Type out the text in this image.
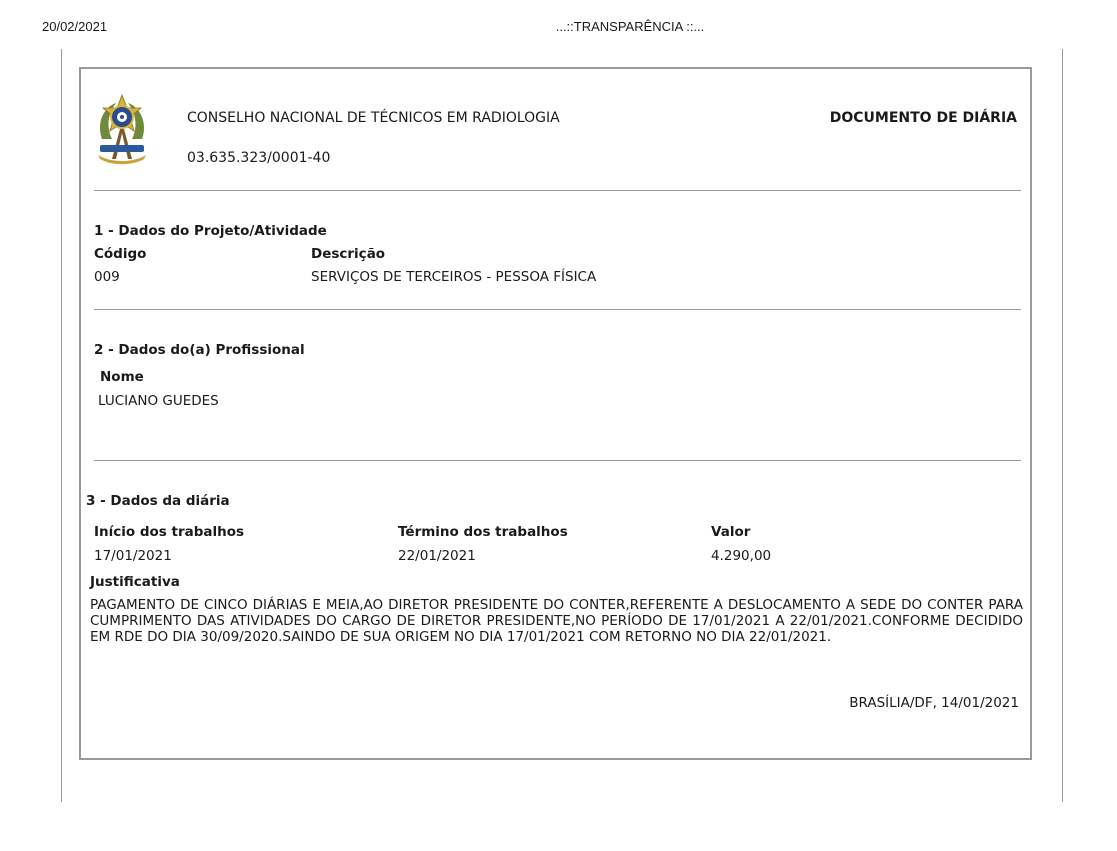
20/02/2021	...::TRANSPARÊNCIA ::...
CONSELHO NACIONAL DE TÉCNICOS EM RADIOLOGIA
03.635.323/0001-40
DOCUMENTO DE DIÁRIA
1 - Dados do Projeto/Atividade
Código	Descrição
009	SERVIÇOS DE TERCEIROS - PESSOA FÍSICA
2 - Dados do(a) Profissional
Nome
LUCIANO GUEDES
3 - Dados da diária
Início dos trabalhos	Término dos trabalhos	Valor
17/01/2021	22/01/2021	4.290,00
Justificativa
PAGAMENTO DE CINCO DIÁRIAS E MEIA,AO DIRETOR PRESIDENTE DO CONTER,REFERENTE A DESLOCAMENTO A SEDE DO CONTER PARA CUMPRIMENTO DAS ATIVIDADES DO CARGO DE DIRETOR PRESIDENTE,NO PERÍODO DE 17/01/2021 A 22/01/2021.CONFORME DECIDIDO EM RDE DO DIA 30/09/2020.SAINDO DE SUA ORIGEM NO DIA 17/01/2021 COM RETORNO NO DIA 22/01/2021.
BRASÍLIA/DF, 14/01/2021
